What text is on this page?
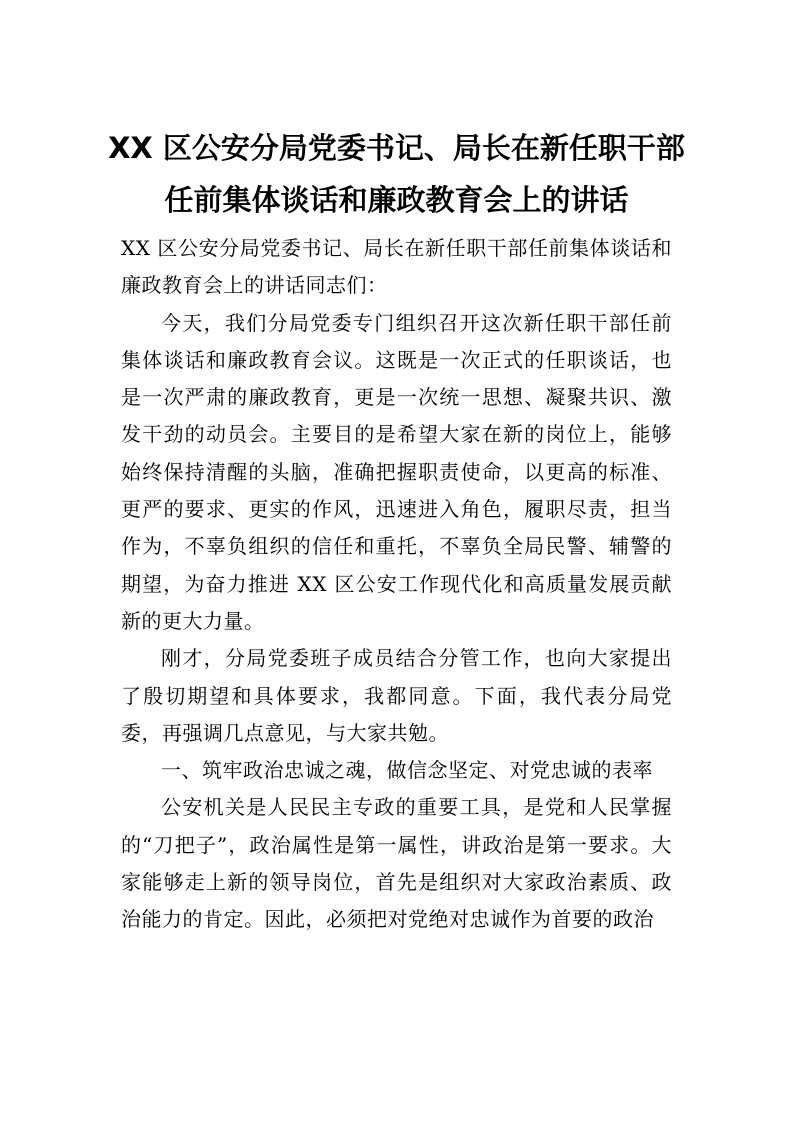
XX 区公安分局党委书记、局长在新任职干部任前集体谈话和廉政教育会上的讲话

XX 区公安分局党委书记、局长在新任职干部任前集体谈话和廉政教育会上的讲话同志们：

今天，我们分局党委专门组织召开这次新任职干部任前集体谈话和廉政教育会议。这既是一次正式的任职谈话，也是一次严肃的廉政教育，更是一次统一思想、凝聚共识、激发干劲的动员会。主要目的是希望大家在新的岗位上，能够始终保持清醒的头脑，准确把握职责使命，以更高的标准、更严的要求、更实的作风，迅速进入角色，履职尽责，担当作为，不辜负组织的信任和重托，不辜负全局民警、辅警的期望，为奋力推进 XX 区公安工作现代化和高质量发展贡献新的更大力量。

刚才，分局党委班子成员结合分管工作，也向大家提出了殷切期望和具体要求，我都同意。下面，我代表分局党委，再强调几点意见，与大家共勉。

一、筑牢政治忠诚之魂，做信念坚定、对党忠诚的表率

公安机关是人民民主专政的重要工具，是党和人民掌握的“刀把子”，政治属性是第一属性，讲政治是第一要求。大家能够走上新的领导岗位，首先是组织对大家政治素质、政治能力的肯定。因此，必须把对党绝对忠诚作为首要的政治
